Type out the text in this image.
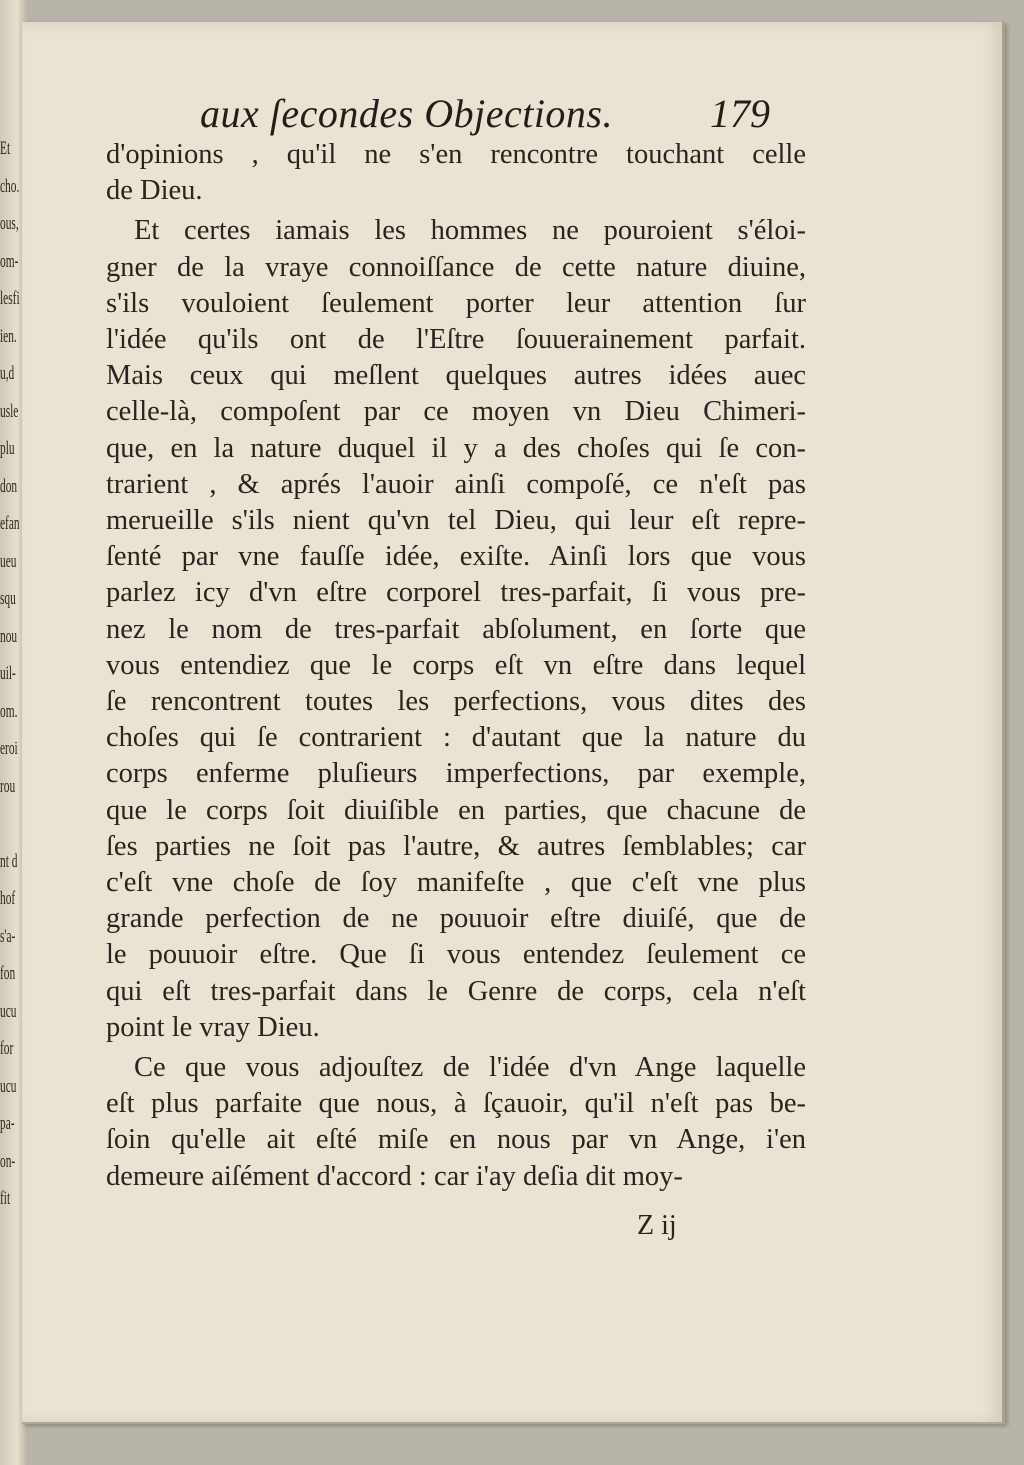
Et
cho.
ous,
om-
lesfi
ien.
u,d
usle
plu
don
efan
ueu
squ
nou
uil-
om.
eroi
rou

nt d
hof
s'a-
fon
ucu
for
ucu
pa-
on-
fit
aux ſecondes Objections. 179
d'opinions , qu'il ne s'en rencontre touchant celle
de Dieu.
Et certes iamais les hommes ne pouroient s'éloi-
gner de la vraye connoiſſance de cette nature diuine,
s'ils vouloient ſeulement porter leur attention ſur
l'idée qu'ils ont de l'Eſtre ſouuerainement parfait.
Mais ceux qui meſlent quelques autres idées auec
celle-là, compoſent par ce moyen vn Dieu Chimeri-
que, en la nature duquel il y a des choſes qui ſe con-
trarient , & aprés l'auoir ainſi compoſé, ce n'eſt pas
merueille s'ils nient qu'vn tel Dieu, qui leur eſt repre-
ſenté par vne fauſſe idée, exiſte. Ainſi lors que vous
parlez icy d'vn eſtre corporel tres-parfait, ſi vous pre-
nez le nom de tres-parfait abſolument, en ſorte que
vous entendiez que le corps eſt vn eſtre dans lequel
ſe rencontrent toutes les perfections, vous dites des
choſes qui ſe contrarient : d'autant que la nature du
corps enferme pluſieurs imperfections, par exemple,
que le corps ſoit diuiſible en parties, que chacune de
ſes parties ne ſoit pas l'autre, & autres ſemblables; car
c'eſt vne choſe de ſoy manifeſte , que c'eſt vne plus
grande perfection de ne pouuoir eſtre diuiſé, que de
le pouuoir eſtre. Que ſi vous entendez ſeulement ce
qui eſt tres-parfait dans le Genre de corps, cela n'eſt
point le vray Dieu.
Ce que vous adjouſtez de l'idée d'vn Ange laquelle
eſt plus parfaite que nous, à ſçauoir, qu'il n'eſt pas be-
ſoin qu'elle ait eſté miſe en nous par vn Ange, i'en
demeure aiſément d'accord : car i'ay deſia dit moy-
Z ij
